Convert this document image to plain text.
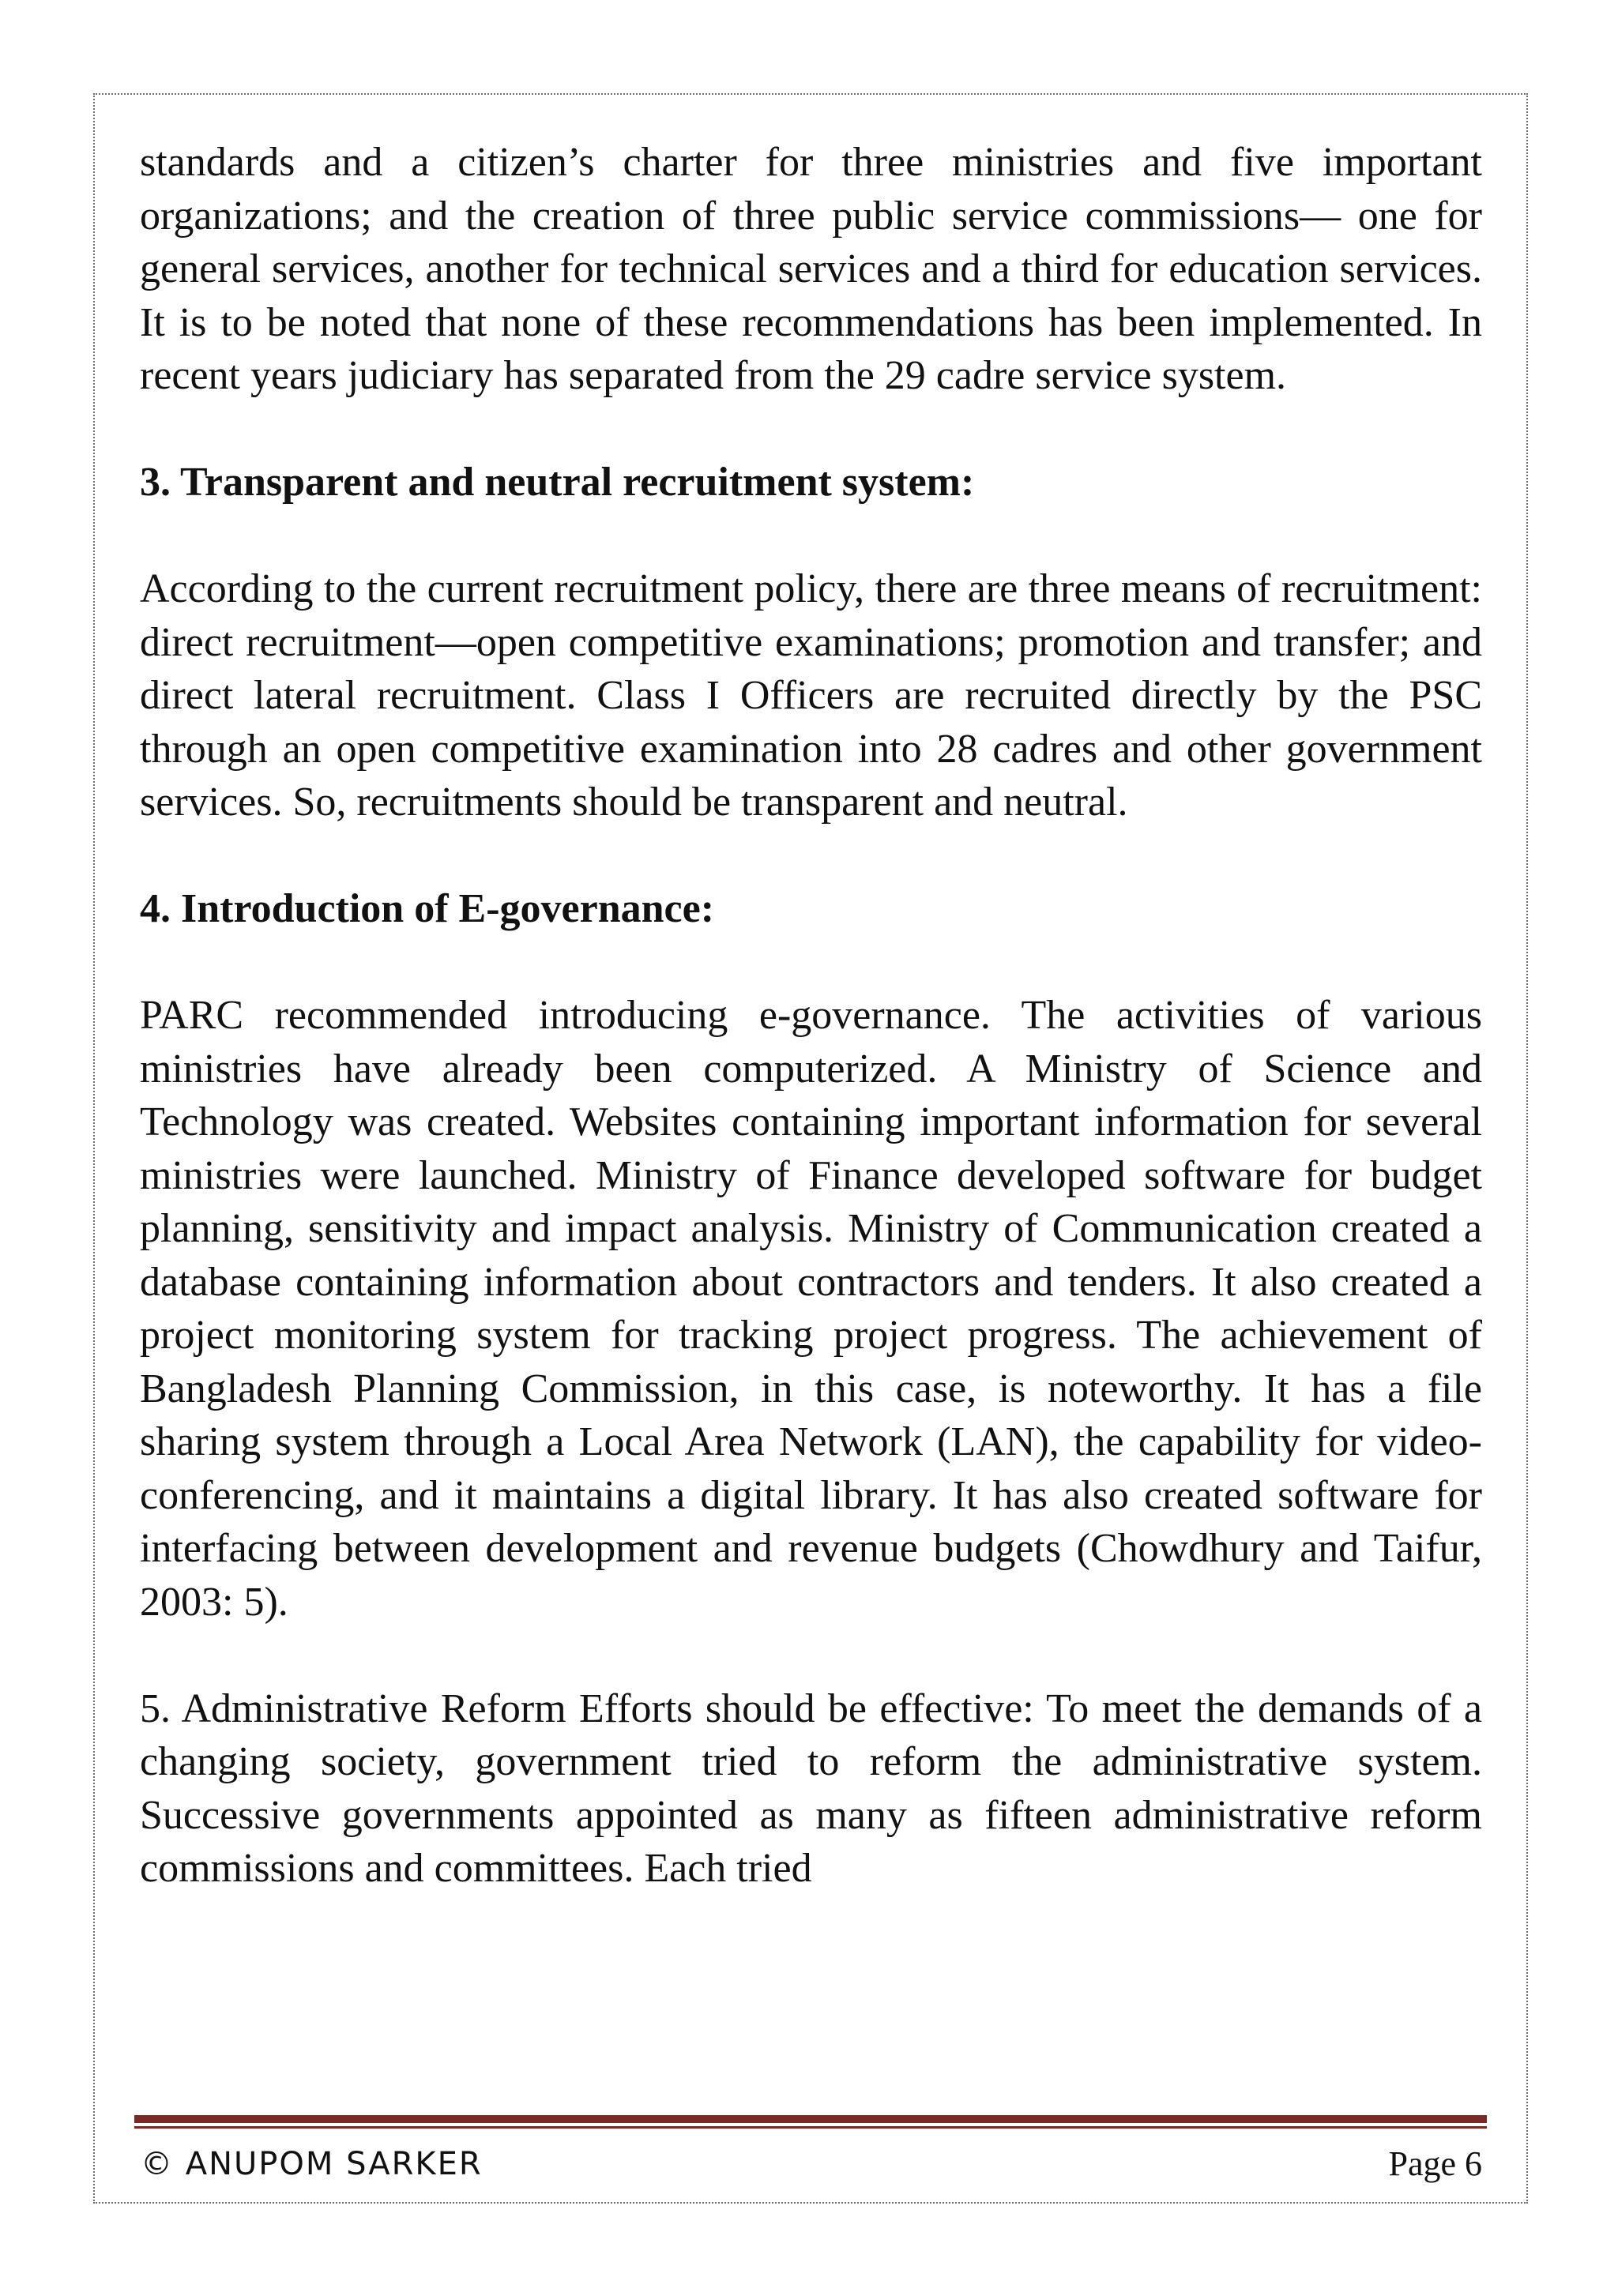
standards and a citizen’s charter for three ministries and five important organizations; and the creation of three public service commissions— one for general services, another for technical services and a third for education services. It is to be noted that none of these recommendations has been implemented. In recent years judiciary has separated from the 29 cadre service system.

3. Transparent and neutral recruitment system:

According to the current recruitment policy, there are three means of recruitment: direct recruitment—open competitive examinations; promotion and transfer; and direct lateral recruitment. Class I Officers are recruited directly by the PSC through an open competitive examination into 28 cadres and other government services. So, recruitments should be transparent and neutral.

4. Introduction of E-governance:

PARC recommended introducing e-governance. The activities of various ministries have already been computerized. A Ministry of Science and Technology was created. Websites containing important information for several ministries were launched. Ministry of Finance developed software for budget planning, sensitivity and impact analysis. Ministry of Communication created a database containing information about contractors and tenders. It also created a project monitoring system for tracking project progress. The achievement of Bangladesh Planning Commission, in this case, is noteworthy. It has a file sharing system through a Local Area Network (LAN), the capability for video-conferencing, and it maintains a digital library. It has also created software for interfacing between development and revenue budgets (Chowdhury and Taifur, 2003: 5).

5. Administrative Reform Efforts should be effective: To meet the demands of a changing society, government tried to reform the administrative system. Successive governments appointed as many as fifteen administrative reform commissions and committees. Each tried

© ANUPOM SARKER	Page 6
